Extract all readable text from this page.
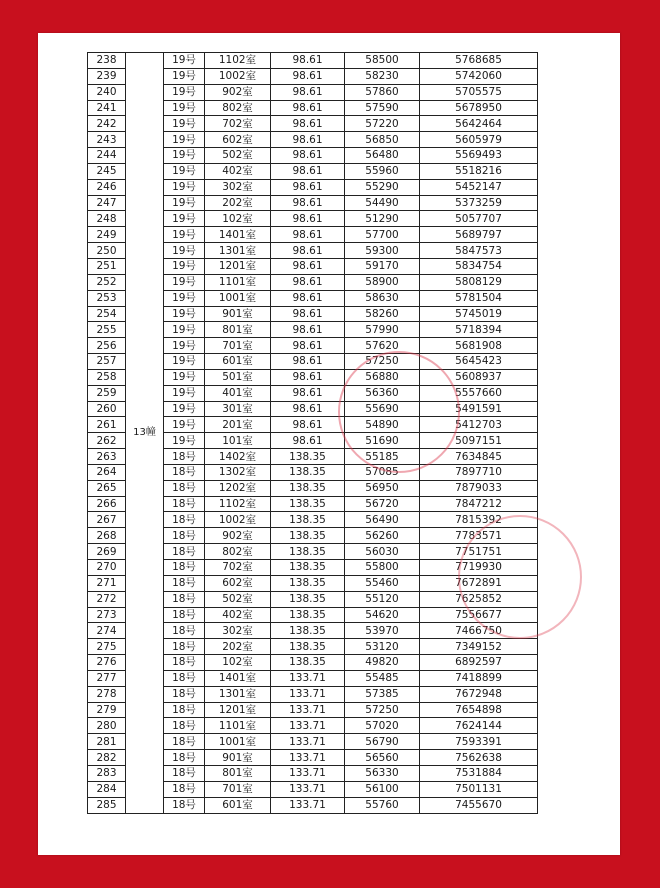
238	13幢	19号	1102室	98.61	58500	5768685
239		19号	1002室	98.61	58230	5742060
240		19号	902室	98.61	57860	5705575
241		19号	802室	98.61	57590	5678950
242		19号	702室	98.61	57220	5642464
243		19号	602室	98.61	56850	5605979
244		19号	502室	98.61	56480	5569493
245		19号	402室	98.61	55960	5518216
246		19号	302室	98.61	55290	5452147
247		19号	202室	98.61	54490	5373259
248		19号	102室	98.61	51290	5057707
249		19号	1401室	98.61	57700	5689797
250		19号	1301室	98.61	59300	5847573
251		19号	1201室	98.61	59170	5834754
252		19号	1101室	98.61	58900	5808129
253		19号	1001室	98.61	58630	5781504
254		19号	901室	98.61	58260	5745019
255		19号	801室	98.61	57990	5718394
256		19号	701室	98.61	57620	5681908
257		19号	601室	98.61	57250	5645423
258		19号	501室	98.61	56880	5608937
259		19号	401室	98.61	56360	5557660
260		19号	301室	98.61	55690	5491591
261		19号	201室	98.61	54890	5412703
262		19号	101室	98.61	51690	5097151
263		18号	1402室	138.35	55185	7634845
264		18号	1302室	138.35	57085	7897710
265		18号	1202室	138.35	56950	7879033
266		18号	1102室	138.35	56720	7847212
267		18号	1002室	138.35	56490	7815392
268		18号	902室	138.35	56260	7783571
269		18号	802室	138.35	56030	7751751
270		18号	702室	138.35	55800	7719930
271		18号	602室	138.35	55460	7672891
272		18号	502室	138.35	55120	7625852
273		18号	402室	138.35	54620	7556677
274		18号	302室	138.35	53970	7466750
275		18号	202室	138.35	53120	7349152
276		18号	102室	138.35	49820	6892597
277		18号	1401室	133.71	55485	7418899
278		18号	1301室	133.71	57385	7672948
279		18号	1201室	133.71	57250	7654898
280		18号	1101室	133.71	57020	7624144
281		18号	1001室	133.71	56790	7593391
282		18号	901室	133.71	56560	7562638
283		18号	801室	133.71	56330	7531884
284		18号	701室	133.71	56100	7501131
285		18号	601室	133.71	55760	7455670
